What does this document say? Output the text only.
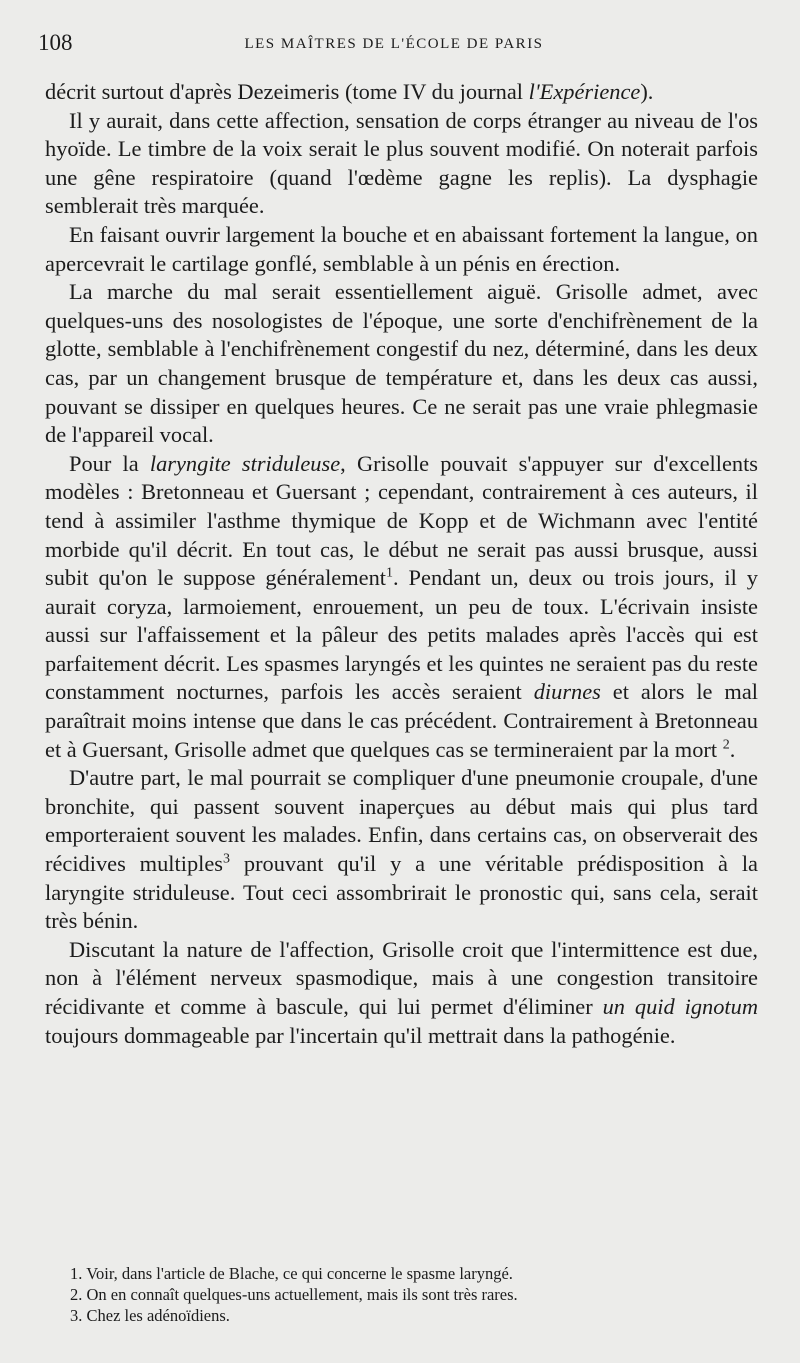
108	LES MAÎTRES DE L'ÉCOLE DE PARIS

décrit surtout d'après Dezeimeris (tome IV du journal l'Expérience).

Il y aurait, dans cette affection, sensation de corps étranger au niveau de l'os hyoïde. Le timbre de la voix serait le plus souvent modifié. On noterait parfois une gêne respiratoire (quand l'œdème gagne les replis). La dysphagie semblerait très marquée.

En faisant ouvrir largement la bouche et en abaissant fortement la langue, on apercevrait le cartilage gonflé, semblable à un pénis en érection.

La marche du mal serait essentiellement aiguë. Grisolle admet, avec quelques-uns des nosologistes de l'époque, une sorte d'enchifrènement de la glotte, semblable à l'enchifrènement congestif du nez, déterminé, dans les deux cas, par un changement brusque de température et, dans les deux cas aussi, pouvant se dissiper en quelques heures. Ce ne serait pas une vraie phlegmasie de l'appareil vocal.

Pour la laryngite striduleuse, Grisolle pouvait s'appuyer sur d'excellents modèles : Bretonneau et Guersant ; cependant, contrairement à ces auteurs, il tend à assimiler l'asthme thymique de Kopp et de Wichmann avec l'entité morbide qu'il décrit. En tout cas, le début ne serait pas aussi brusque, aussi subit qu'on le suppose généralement$^1$. Pendant un, deux ou trois jours, il y aurait coryza, larmoiement, enrouement, un peu de toux. L'écrivain insiste aussi sur l'affaissement et la pâleur des petits malades après l'accès qui est parfaitement décrit. Les spasmes laryngés et les quintes ne seraient pas du reste constamment nocturnes, parfois les accès seraient diurnes et alors le mal paraîtrait moins intense que dans le cas précédent. Contrairement à Bretonneau et à Guersant, Grisolle admet que quelques cas se termineraient par la mort $^2$.

D'autre part, le mal pourrait se compliquer d'une pneumonie croupale, d'une bronchite, qui passent souvent inaperçues au début mais qui plus tard emporteraient souvent les malades. Enfin, dans certains cas, on observerait des récidives multiples$^3$ prouvant qu'il y a une véritable prédisposition à la laryngite striduleuse. Tout ceci assombrirait le pronostic qui, sans cela, serait très bénin.

Discutant la nature de l'affection, Grisolle croit que l'intermittence est due, non à l'élément nerveux spasmodique, mais à une congestion transitoire récidivante et comme à bascule, qui lui permet d'éliminer un quid ignotum toujours dommageable par l'incertain qu'il mettrait dans la pathogénie.

1. Voir, dans l'article de Blache, ce qui concerne le spasme laryngé.

2. On en connaît quelques-uns actuellement, mais ils sont très rares.

3. Chez les adénoïdiens.
